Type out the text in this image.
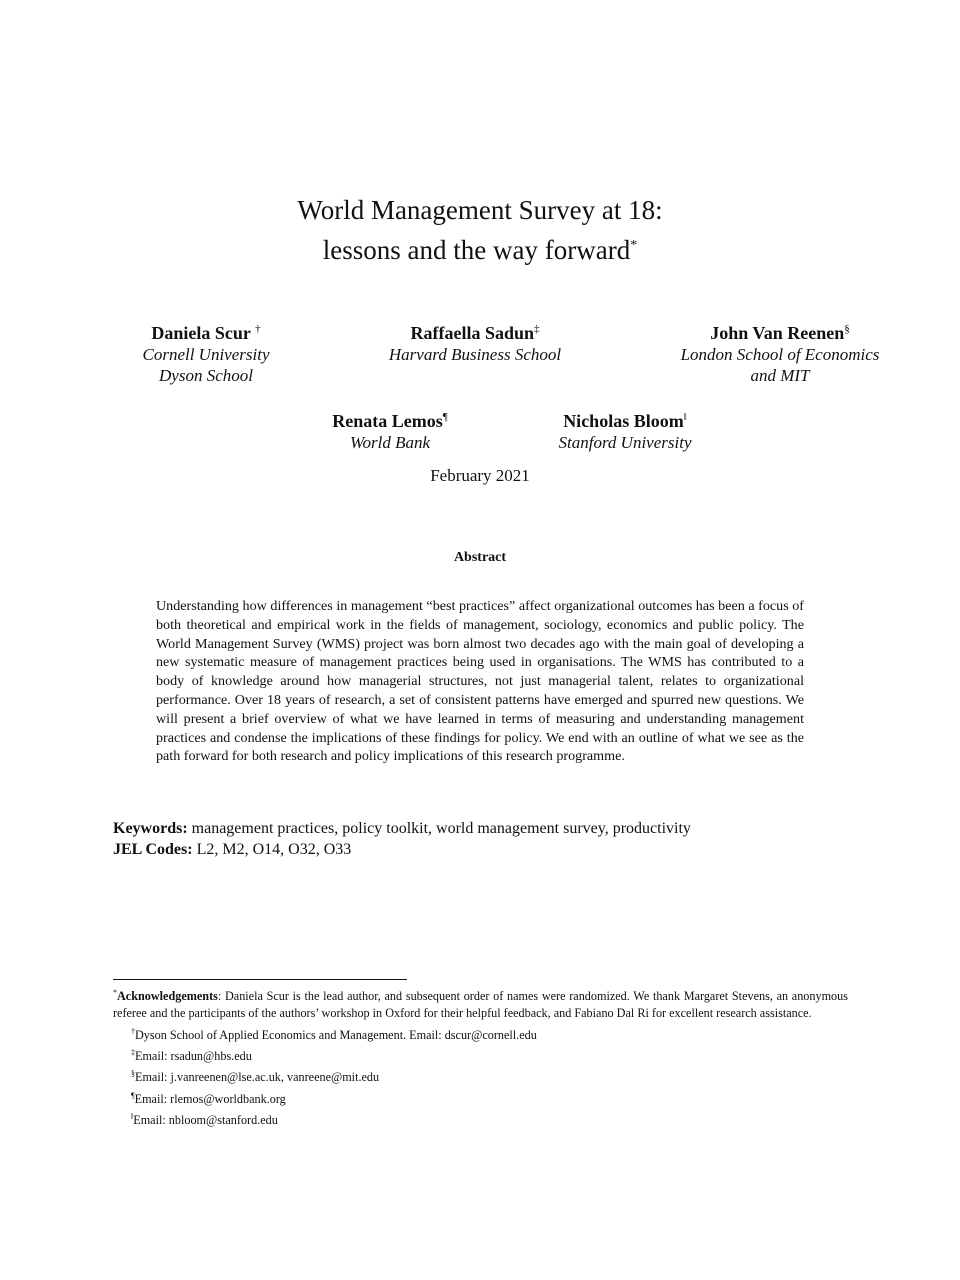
World Management Survey at 18:
lessons and the way forward*
Daniela Scur †
Cornell University
Dyson School
Raffaella Sadun‡
Harvard Business School
John Van Reenen§
London School of Economics
and MIT
Renata Lemos¶
World Bank
Nicholas Bloom‖
Stanford University
February 2021
Abstract
Understanding how differences in management “best practices” affect organizational outcomes has been a focus of both theoretical and empirical work in the fields of management, sociology, economics and public policy. The World Management Survey (WMS) project was born almost two decades ago with the main goal of developing a new systematic measure of management practices being used in organisations. The WMS has contributed to a body of knowledge around how managerial structures, not just managerial talent, relates to organizational performance. Over 18 years of research, a set of consistent patterns have emerged and spurred new questions. We will present a brief overview of what we have learned in terms of measuring and understanding management practices and condense the implications of these findings for policy. We end with an outline of what we see as the path forward for both research and policy implications of this research programme.
Keywords: management practices, policy toolkit, world management survey, productivity
JEL Codes: L2, M2, O14, O32, O33

*Acknowledgements: Daniela Scur is the lead author, and subsequent order of names were randomized. We thank Margaret Stevens, an anonymous referee and the participants of the authors’ workshop in Oxford for their helpful feedback, and Fabiano Dal Ri for excellent research assistance.

†Dyson School of Applied Economics and Management. Email: dscur@cornell.edu

‡Email: rsadun@hbs.edu

§Email: j.vanreenen@lse.ac.uk, vanreene@mit.edu

¶Email: rlemos@worldbank.org

‖Email: nbloom@stanford.edu
